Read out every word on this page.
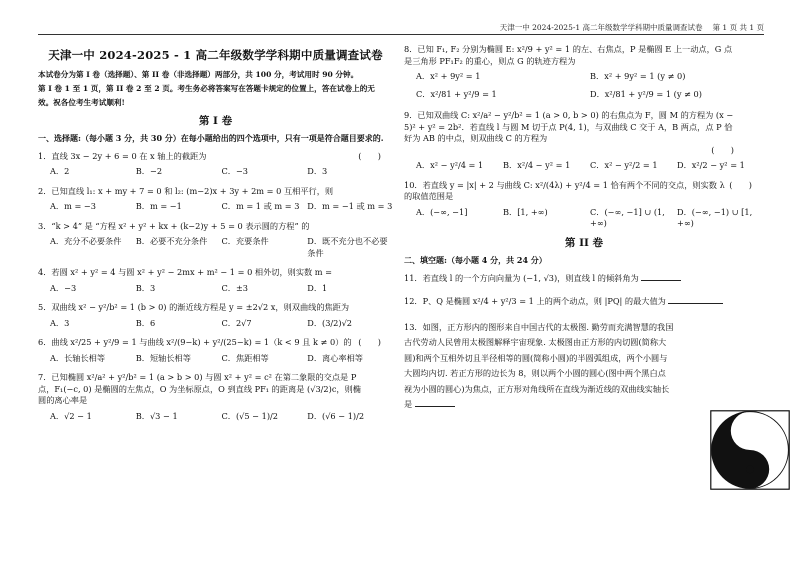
天津一中 2024-2025-1 高二年级数学学科期中质量调查试卷 第 1 页 共 1 页
天津一中 2024-2025 - 1 高二年级数学学科期中质量调查试卷
本试卷分为第 I 卷（选择题）、第 II 卷（非选择题）两部分，共 100 分，考试用时 90 分钟。
第 I 卷 1 至 1 页，第 II 卷 2 至 2 页。考生务必将答案写在答题卡规定的位置上，答在试卷上的无
效。祝各位考生考试顺利!
第 I 卷
一、选择题:（每小题 3 分，共 30 分）在每小题给出的四个选项中，只有一项是符合题目要求的.
1．直线 3x − 2y + 6 = 0 在 x 轴上的截距为	(　　)
A．2	B．−2	C．−3	D．3
2．已知直线 l₁: x + my + 7 = 0 和 l₂: (m−2)x + 3y + 2m = 0 互相平行，则
A．m = −3	B．m = −1	C．m = 1 或 m = 3 D．m = −1 或 m = 3
3．“k > 4” 是 “方程 x² + y² + kx + (k−2)y + 5 = 0 表示圆的方程” 的
A．充分不必要条件	B．必要不充分条件	C．充要条件	D．既不充分也不必要条件
4．若圆 x² + y² = 4 与圆 x² + y² − 2mx + m² − 1 = 0 相外切，则实数 m =
A．−3	B．3	C．±3	D．1
5．双曲线 x² − y²/b² = 1 (b > 0) 的渐近线方程是 y = ±2√2 x，则双曲线的焦距为
A．3	B．6	C．2√7	D．(3/2)√2
6．曲线 x²/25 + y²/9 = 1 与曲线 x²/(9−k) + y²/(25−k) = 1（k < 9 且 k ≠ 0）的 (　　)
A．长轴长相等	B．短轴长相等	C．焦距相等	D．离心率相等
7．已知椭圆 x²/a² + y²/b² = 1 (a > b > 0) 与圆 x² + y² = c² 在第二象限的交点是 P 点，F₁(−c, 0) 是椭圆的左焦点，O 为坐标原点，O 到直线 PF₁ 的距离是 (√3/2)c，则椭圆的离心率是
A．√2 − 1	B．√3 − 1	C．(√5 − 1)/2	D．(√6 − 1)/2
8．已知 F₁, F₂ 分别为椭圆 E: x²/9 + y² = 1 的左、右焦点，P 是椭圆 E 上一动点，G 点是三角形 PF₁F₂ 的重心，则点 G 的轨迹方程为
A．x² + 9y² = 1	B．x² + 9y² = 1 (y ≠ 0)
C．x²/81 + y²/9 = 1	D．x²/81 + y²/9 = 1 (y ≠ 0)
9．已知双曲线 C: x²/a² − y²/b² = 1 (a > 0, b > 0) 的右焦点为 F，圆 M 的方程为 (x − 5)² + y² = 2b²．若直线 l 与圆 M 切于点 P(4, 1)，与双曲线 C 交于 A，B 两点，点 P 恰好为 AB 的中点，则双曲线 C 的方程为
(　　)
A．x² − y²/4 = 1	B．x²/4 − y² = 1	C．x² − y²/2 = 1	D．x²/2 − y² = 1
10．若直线 y = |x| + 2 与曲线 C: x²/(4λ) + y²/4 = 1 恰有两个不同的交点，则实数 λ 的取值范围是
(　　)
A．(−∞, −1]	B．[1, +∞)	C．(−∞, −1] ∪ (1, +∞)
D．(−∞, −1) ∪ [1, +∞)
第 II 卷
二、填空题:（每小题 4 分，共 24 分）
11．若直线 l 的一个方向向量为 (−1, √3)，则直线 l 的倾斜角为
12．P、Q 是椭圆 x²/4 + y²/3 = 1 上的两个动点，则 |PQ| 的最大值为
13．如图，正方形内的图形来自中国古代的太极图. 勤劳而充满智慧的我国古代劳动人民曾用太极图解释宇宙现象. 太极图由正方形的内切圆(简称大圆)和两个互相外切且半径相等的圆(简称小圆)的半圆弧组成，两个小圆与大圆均内切. 若正方形的边长为 8，则以两个小圆的圆心(图中两个黑白点视为小圆的圆心)为焦点，正方形对角线所在直线为渐近线的双曲线实轴长是
